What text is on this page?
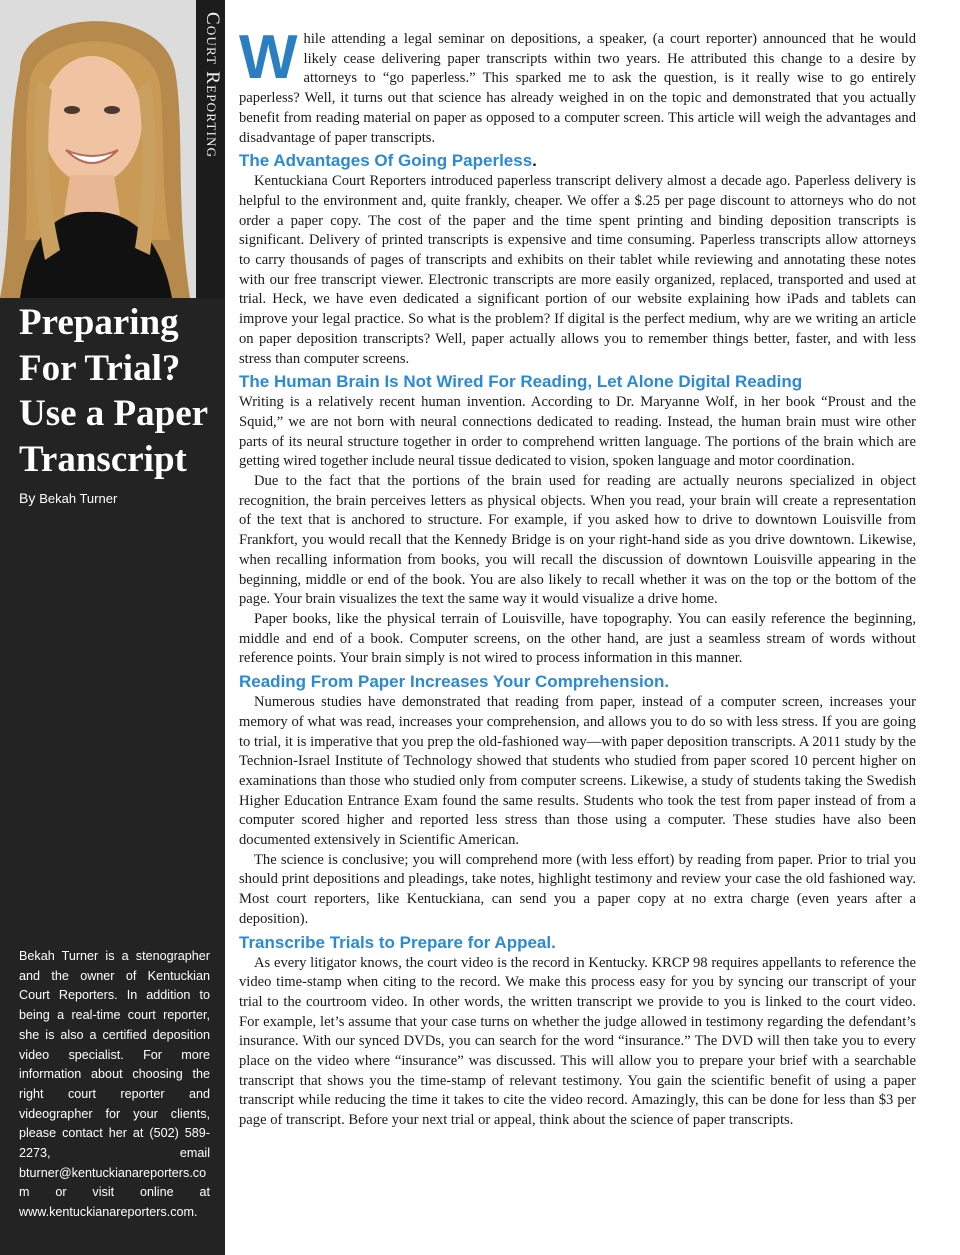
Court Reporting
Preparing
For Trial?
Use a Paper
Transcript
By Bekah Turner
Bekah Turner is a stenographer and the owner of Kentuckian Court Reporters. In addition to being a real-time court reporter, she is also a certified deposition video specialist. For more information about choosing the right court reporter and videographer for your clients, please contact her at (502) 589-2273, email bturner@kentuckianareporters.com or visit online at www.kentuckianareporters.com.
W hile attending a legal seminar on depositions, a speaker, (a court reporter) announced that he would likely cease delivering paper transcripts within two years. He attributed this change to a desire by attorneys to “go paperless.” This sparked me to ask the question, is it really wise to go entirely paperless? Well, it turns out that science has already weighed in on the topic and demonstrated that you actually benefit from reading material on paper as opposed to a computer screen. This article will weigh the advantages and disadvantage of paper transcripts.

The Advantages Of Going Paperless.

Kentuckiana Court Reporters introduced paperless transcript delivery almost a decade ago. Paperless delivery is helpful to the environment and, quite frankly, cheaper. We offer a $.25 per page discount to attorneys who do not order a paper copy. The cost of the paper and the time spent printing and binding deposition transcripts is significant. Delivery of printed transcripts is expensive and time consuming. Paperless transcripts allow attorneys to carry thousands of pages of transcripts and exhibits on their tablet while reviewing and annotating these notes with our free transcript viewer. Electronic transcripts are more easily organized, replaced, transported and used at trial. Heck, we have even dedicated a significant portion of our website explaining how iPads and tablets can improve your legal practice. So what is the problem? If digital is the perfect medium, why are we writing an article on paper deposition transcripts? Well, paper actually allows you to remember things better, faster, and with less stress than computer screens.

The Human Brain Is Not Wired For Reading, Let Alone Digital Reading

Writing is a relatively recent human invention. According to Dr. Maryanne Wolf, in her book “Proust and the Squid,” we are not born with neural connections dedicated to reading. Instead, the human brain must wire other parts of its neural structure together in order to comprehend written language. The portions of the brain which are getting wired together include neural tissue dedicated to vision, spoken language and motor coordination.

Due to the fact that the portions of the brain used for reading are actually neurons specialized in object recognition, the brain perceives letters as physical objects. When you read, your brain will create a representation of the text that is anchored to structure. For example, if you asked how to drive to downtown Louisville from Frankfort, you would recall that the Kennedy Bridge is on your right-hand side as you drive downtown. Likewise, when recalling information from books, you will recall the discussion of downtown Louisville appearing in the beginning, middle or end of the book. You are also likely to recall whether it was on the top or the bottom of the page. Your brain visualizes the text the same way it would visualize a drive home.

Paper books, like the physical terrain of Louisville, have topography. You can easily reference the beginning, middle and end of a book. Computer screens, on the other hand, are just a seamless stream of words without reference points. Your brain simply is not wired to process information in this manner.

Reading From Paper Increases Your Comprehension.

Numerous studies have demonstrated that reading from paper, instead of a computer screen, increases your memory of what was read, increases your comprehension, and allows you to do so with less stress. If you are going to trial, it is imperative that you prep the old-fashioned way—with paper deposition transcripts. A 2011 study by the Technion-Israel Institute of Technology showed that students who studied from paper scored 10 percent higher on examinations than those who studied only from computer screens. Likewise, a study of students taking the Swedish Higher Education Entrance Exam found the same results. Students who took the test from paper instead of from a computer scored higher and reported less stress than those using a computer. These studies have also been documented extensively in Scientific American.

The science is conclusive; you will comprehend more (with less effort) by reading from paper. Prior to trial you should print depositions and pleadings, take notes, highlight testimony and review your case the old fashioned way. Most court reporters, like Kentuckiana, can send you a paper copy at no extra charge (even years after a deposition).

Transcribe Trials to Prepare for Appeal.

As every litigator knows, the court video is the record in Kentucky. KRCP 98 requires appellants to reference the video time-stamp when citing to the record. We make this process easy for you by syncing our transcript of your trial to the courtroom video. In other words, the written transcript we provide to you is linked to the court video. For example, let’s assume that your case turns on whether the judge allowed in testimony regarding the defendant’s insurance. With our synced DVDs, you can search for the word “insurance.” The DVD will then take you to every place on the video where “insurance” was discussed. This will allow you to prepare your brief with a searchable transcript that shows you the time-stamp of relevant testimony. You gain the scientific benefit of using a paper transcript while reducing the time it takes to cite the video record. Amazingly, this can be done for less than $3 per page of transcript. Before your next trial or appeal, think about the science of paper transcripts.
